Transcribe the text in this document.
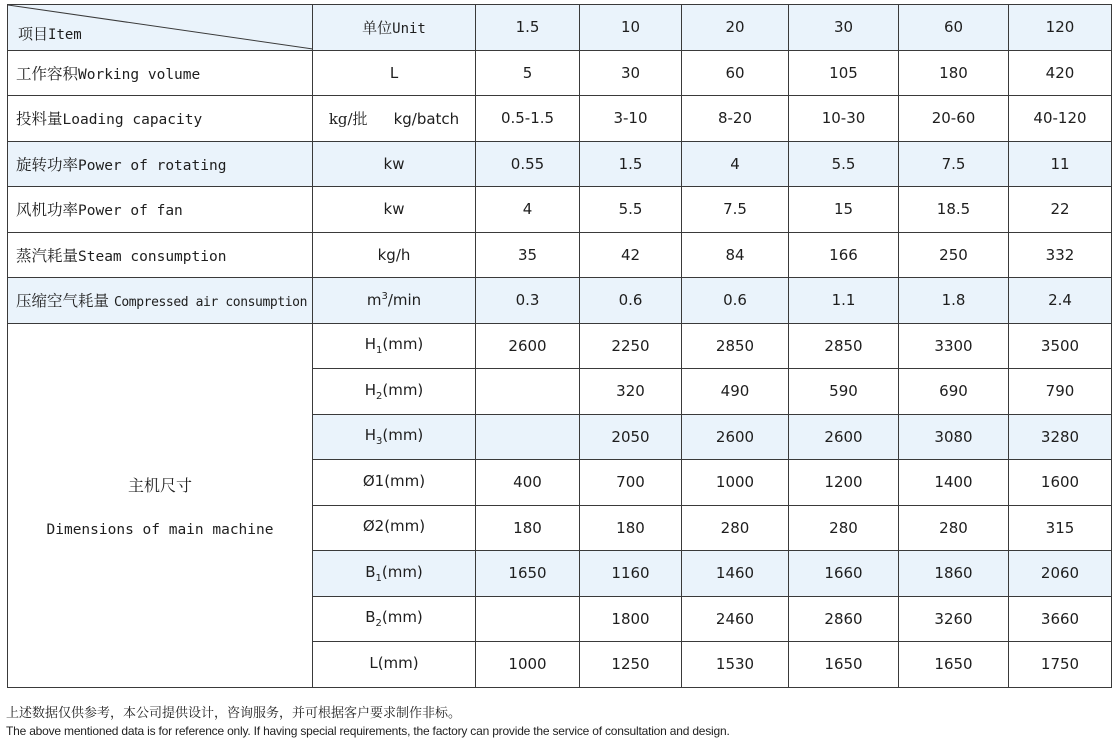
项目Item	单位Unit	1.5	10	20	30	60	120
工作容积Working volume	L	5	30	60	105	180	420
投料量Loading capacity	kg/批 kg/batch	0.5-1.5	3-10	8-20	10-30	20-60	40-120
旋转功率Power of rotating	kw	0.55	1.5	4	5.5	7.5	11
风机功率Power of fan	kw	4	5.5	7.5	15	18.5	22
蒸汽耗量Steam consumption	kg/h	35	42	84	166	250	332
压缩空气耗量 Compressed air consumption	$m^3/\min$	0.3	0.6	0.6	1.1	1.8	2.4

主机尺寸
Dimensions of main machine	$H_1(mm)$	2600	2250	2850	2850	3300	3500
	$H_2(mm)$		320	490	590	690	790
	$H_3(mm)$		2050	2600	2600	3080	3280
	Ø1(mm)	400	700	1000	1200	1400	1600
	Ø2(mm)	180	180	280	280	280	315
	$B_1(mm)$	1650	1160	1460	1660	1860	2060
	$B_2(mm)$		1800	2460	2860	3260	3660
	L(mm)	1000	1250	1530	1650	1650	1750
上述数据仅供参考，本公司提供设计，咨询服务，并可根据客户要求制作非标。
The above mentioned data is for reference only. If having special requirements, the factory can provide the service of consultation and design.
